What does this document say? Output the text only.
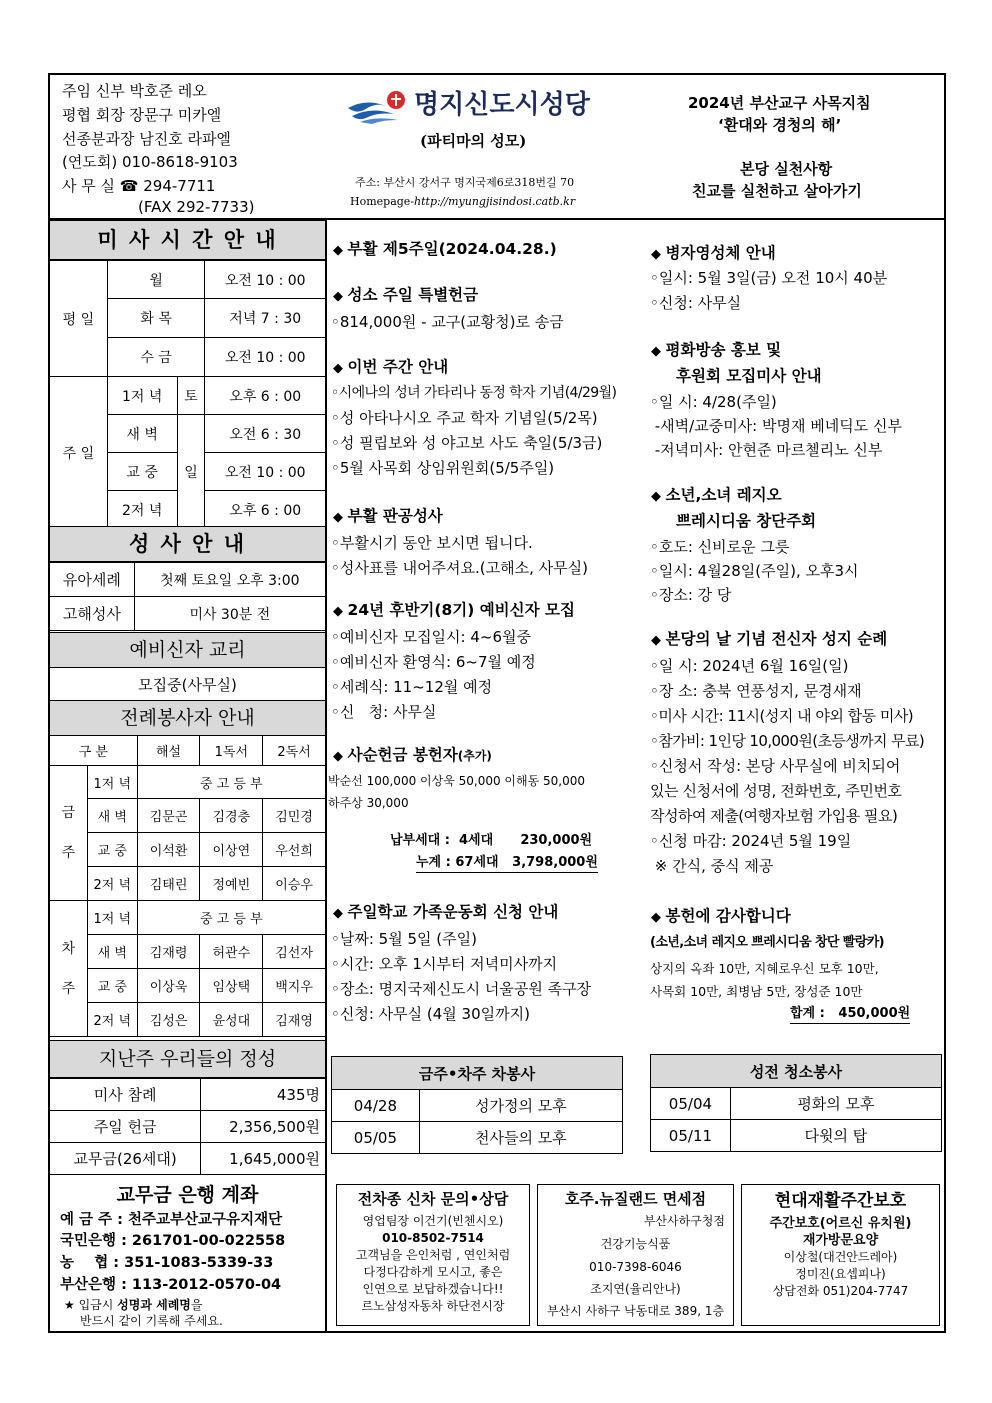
주임 신부 박호준 레오
평협 회장 장문구 미카엘
선종분과장 남진호 라파엘
(연도회) 010-8618-9103
사 무 실 ☎ 294-7711
(FAX 292-7733)
명지신도시성당
(파티마의 성모)
주소: 부산시 강서구 명지국제6로318번길 70
Homepage-http://myungjisindosi.catb.kr
2024년 부산교구 사목지침
‘환대와 경청의 해’
본당 실천사항
친교를 실천하고 살아가기
미 사 시 간 안 내
평 일	월		오전 10 : 00
	화 목		저녁 7 : 30
	수 금		오전 10 : 00
주 일	1저 녁	토	오후 6 : 00
	새 벽	일	오전 6 : 30
	교 중		오전 10 : 00
	2저 녁		오후 6 : 00
성 사 안 내
유아세례	첫째 토요일 오후 3:00
고해성사	미사 30분 전
예비신자 교리
모집중(사무실)
전례봉사자 안내
구 분		해설	1독서	2독서
금

주	1저 녁	중 고 등 부		
	새 벽	김문곤	김경충	김민경
	교 중	이석환	이상연	우선희
	2저 녁	김태린	정예빈	이승우
차

주	1저 녁	중 고 등 부		
	새 벽	김재령	허관수	김선자
	교 중	이상욱	임상택	백지우
	2저 녁	김성은	윤성대	김재영
지난주 우리들의 정성
미사 참례	435명
주일 헌금	2,356,500원
교무금(26세대)	1,645,000원
교무금 은행 계좌
예 금 주 : 천주교부산교구유지재단
국민은행 : 261701-00-022558
농    협 : 351-1083-5339-33
부산은행 : 113-2012-0570-04
★ 입금시 성명과 세례명을
반드시 같이 기록해 주세요.
◆ 부활 제5주일(2024.04.28.)
◆ 성소 주일 특별헌금
◦814,000원 - 교구(교황청)로 송금
◆ 이번 주간 안내
◦시에나의 성녀 가타리나 동정 학자 기념(4/29월)
◦성 아타나시오 주교 학자 기념일(5/2목)
◦성 필립보와 성 야고보 사도 축일(5/3금)
◦5월 사목회 상임위원회(5/5주일)
◆ 부활 판공성사
◦부활시기 동안 보시면 됩니다.
◦성사표를 내어주셔요.(고해소, 사무실)
◆ 24년 후반기(8기) 예비신자 모집
◦예비신자 모집일시: 4~6월중
◦예비신자 환영식: 6~7월 예정
◦세례식: 11~12월 예정
◦신   청: 사무실
◆ 사순헌금 봉헌자(추가)
박순선 100,000 이상욱 50,000 이해동 50,000
하주상 30,000
납부세대 :  4세대      230,000원
누계 : 67세대   3,798,000원
◆ 주일학교 가족운동회 신청 안내
◦날짜: 5월 5일 (주일)
◦시간: 오후 1시부터 저녁미사까지
◦장소: 명지국제신도시 너울공원 족구장
◦신청: 사무실 (4월 30일까지)
◆ 병자영성체 안내
◦일시: 5월 3일(금) 오전 10시 40분
◦신청: 사무실
◆ 평화방송 홍보 및
후원회 모집미사 안내
◦일 시: 4/28(주일)
-새벽/교중미사: 박명재 베네딕도 신부
-저녁미사: 안현준 마르첼리노 신부
◆ 소년,소녀 레지오
쁘레시디움 창단주회
◦호도: 신비로운 그릇
◦일시: 4월28일(주일), 오후3시
◦장소: 강 당
◆ 본당의 날 기념 전신자 성지 순례
◦일 시: 2024년 6월 16일(일)
◦장 소: 충북 연풍성지, 문경새재
◦미사 시간: 11시(성지 내 야외 합동 미사)
◦참가비: 1인당 10,000원(초등생까지 무료)
◦신청서 작성: 본당 사무실에 비치되어
있는 신청서에 성명, 전화번호, 주민번호
작성하여 제출(여행자보험 가입용 필요)
◦신청 마감: 2024년 5월 19일
※ 간식, 중식 제공
◆ 봉헌에 감사합니다
(소년,소녀 레지오 쁘레시디움 창단 빨랑카)
상지의 옥좌 10만, 지혜로우신 모후 10만,
사목회 10만, 최병남 5만, 장성준 10만
합계 :   450,000원
금주•차주 차봉사	
04/28	성가정의 모후
05/05	천사들의 모후
성전 청소봉사	
05/04	평화의 모후
05/11	다윗의 탑
전차종 신차 문의•상담
영업팀장 이건기(빈첸시오)
010-8502-7514
고객님을 은인처럼 , 연인처럼
다정다감하게 모시고, 좋은
인연으로 보답하겠습니다!!
르노삼성자동차 하단전시장
호주.뉴질랜드 면세점
부산사하구청점
건강기능식품
010-7398-6046
조지연(율리안나)
부산시 사하구 낙동대로 389, 1층
현대재활주간보호
주간보호(어르신 유치원)
재가방문요양
이상철(대건안드레아)
정미진(요셉피나)
상담전화 051)204-7747
